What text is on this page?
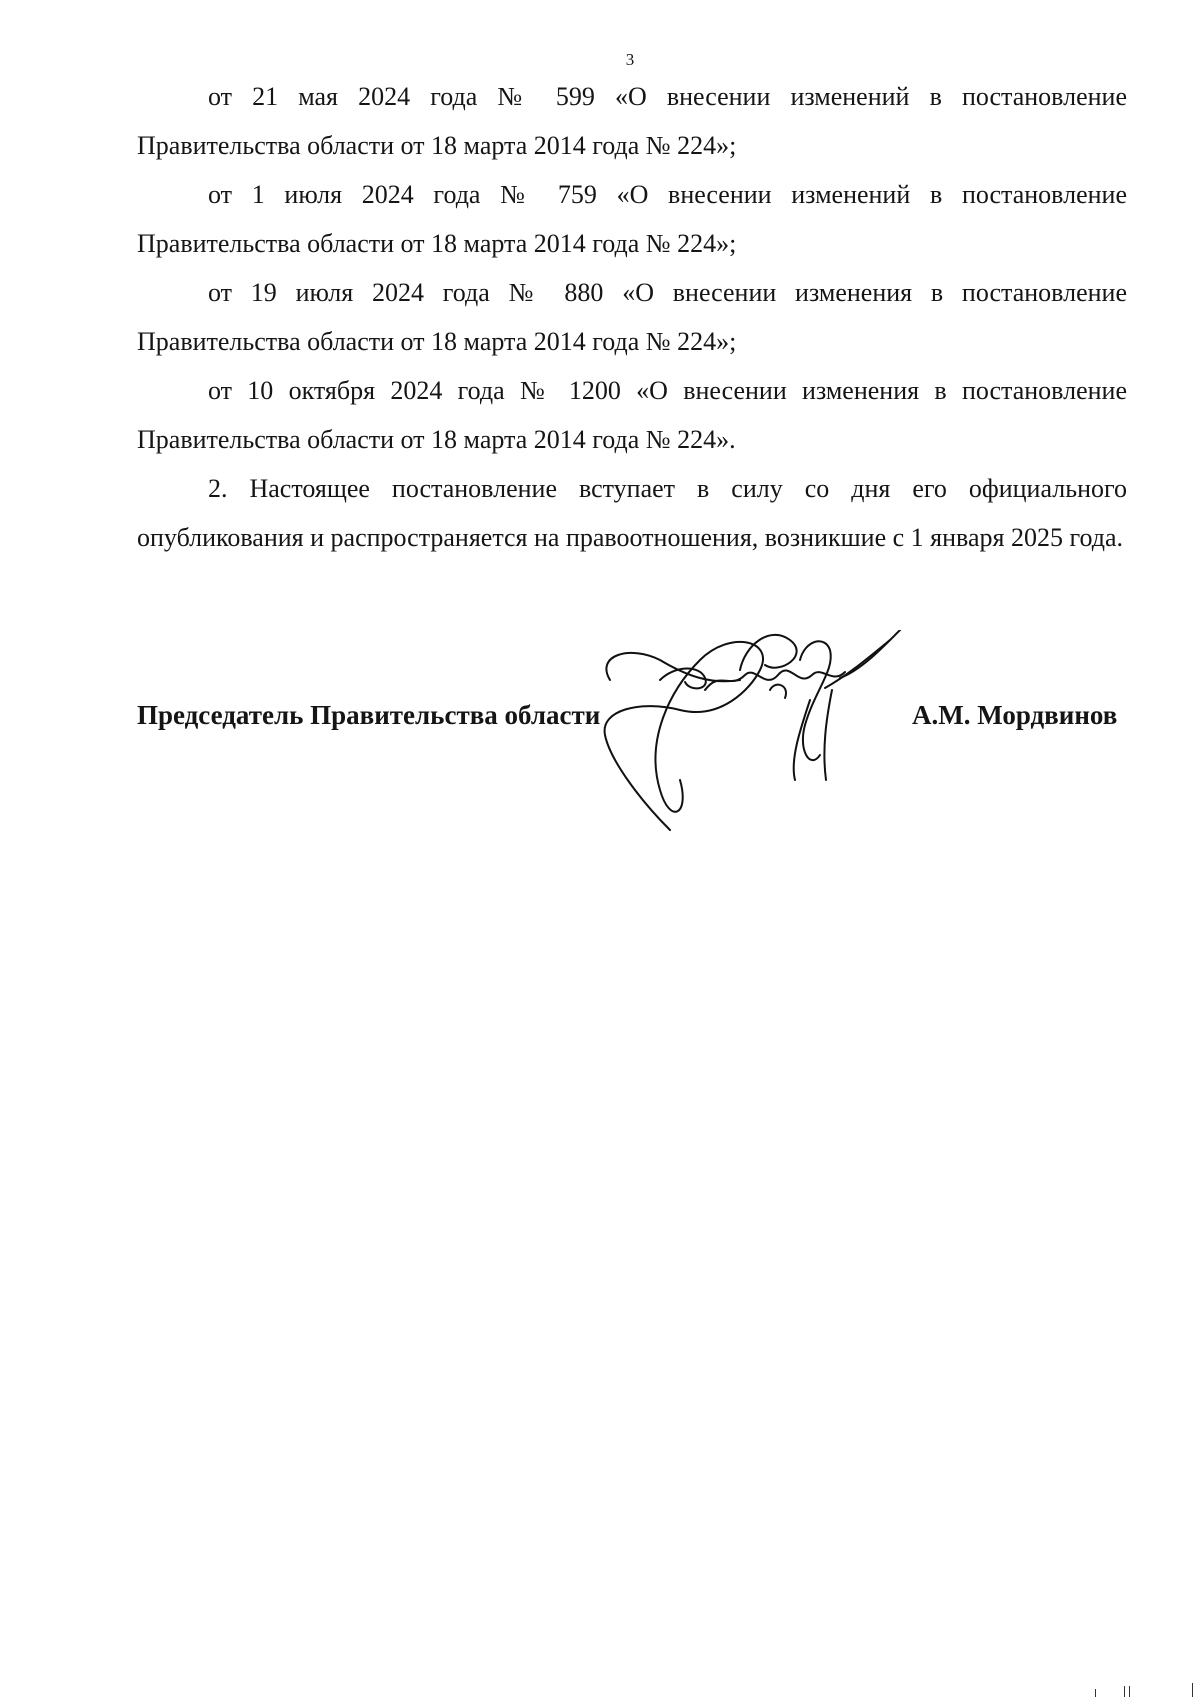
3

от 21 мая 2024 года № 599 «О внесении изменений в постановление Правительства области от 18 марта 2014 года № 224»;

от 1 июля 2024 года № 759 «О внесении изменений в постановление Правительства области от 18 марта 2014 года № 224»;

от 19 июля 2024 года № 880 «О внесении изменения в постановление Правительства области от 18 марта 2014 года № 224»;

от 10 октября 2024 года № 1200 «О внесении изменения в постановление Правительства области от 18 марта 2014 года № 224».

2. Настоящее постановление вступает в силу со дня его официального опубликования и распространяется на правоотношения, возникшие с 1 января 2025 года.

Председатель Правительства области	А.М. Мордвинов
